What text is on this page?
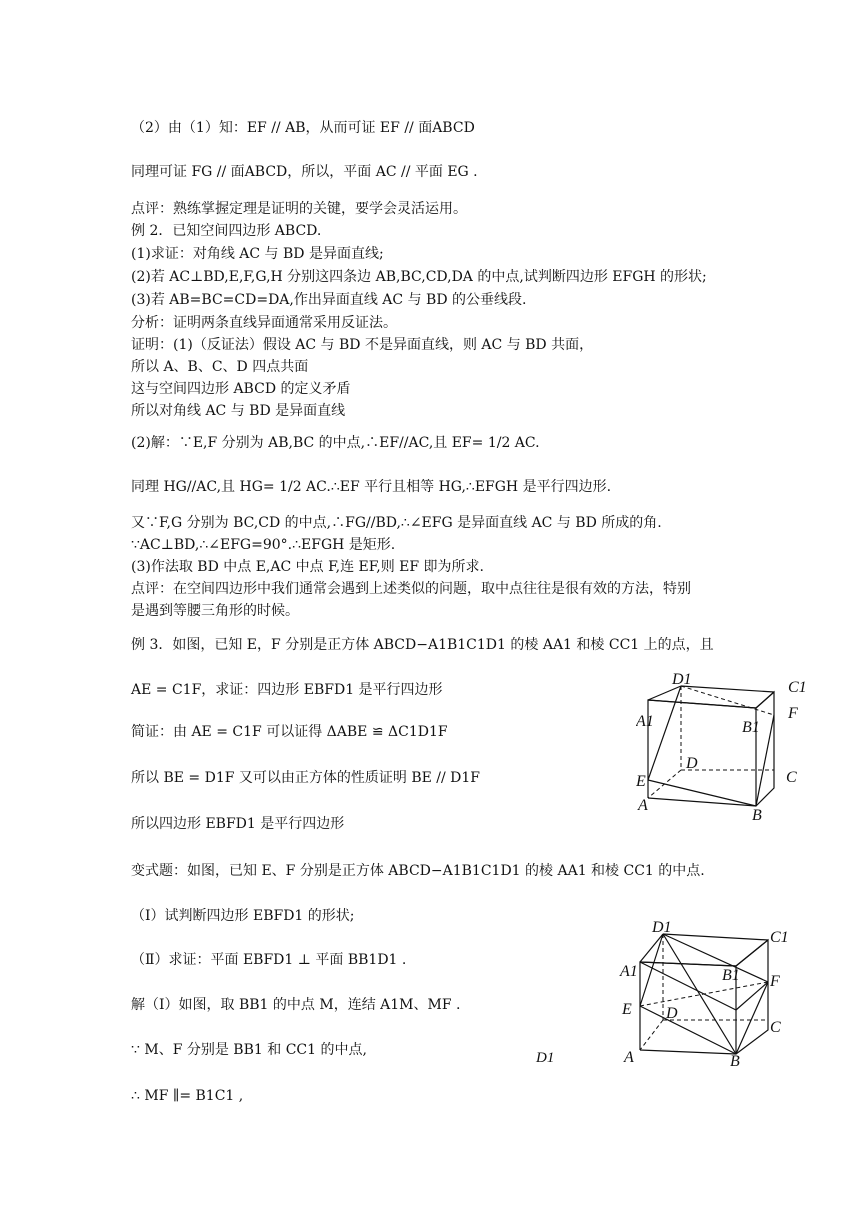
（2）由（1）知：EF // AB，从而可证 EF // 面ABCD
同理可证 FG // 面ABCD，所以，平面 AC // 平面 EG .
点评：熟练掌握定理是证明的关键，要学会灵活运用。
例 2．已知空间四边形 ABCD.
(1)求证：对角线 AC 与 BD 是异面直线;
(2)若 AC⊥BD,E,F,G,H 分别这四条边 AB,BC,CD,DA 的中点,试判断四边形 EFGH 的形状;
(3)若 AB=BC=CD=DA,作出异面直线 AC 与 BD 的公垂线段.
分析：证明两条直线异面通常采用反证法。
证明：(1)（反证法）假设 AC 与 BD 不是异面直线，则 AC 与 BD 共面，
所以 A、B、C、D 四点共面
这与空间四边形 ABCD 的定义矛盾
所以对角线 AC 与 BD 是异面直线
(2)解：∵E,F 分别为 AB,BC 的中点,∴EF//AC,且 EF= 1/2 AC.
同理 HG//AC,且 HG= 1/2 AC.∴EF 平行且相等 HG,∴EFGH 是平行四边形.
又∵F,G 分别为 BC,CD 的中点,∴FG//BD,∴∠EFG 是异面直线 AC 与 BD 所成的角.
∵AC⊥BD,∴∠EFG=90°.∴EFGH 是矩形.
(3)作法取 BD 中点 E,AC 中点 F,连 EF,则 EF 即为所求.
点评：在空间四边形中我们通常会遇到上述类似的问题，取中点往往是很有效的方法，特别
是遇到等腰三角形的时候。
例 3．如图，已知 E，F 分别是正方体 ABCD−A1B1C1D1 的棱 AA1 和棱 CC1 上的点，且
AE = C1F，求证：四边形 EBFD1 是平行四边形
简证：由 AE = C1F 可以证得 ΔABE ≌ ΔC1D1F
所以 BE = D1F 又可以由正方体的性质证明 BE // D1F
所以四边形 EBFD1 是平行四边形
变式题：如图，已知 E、F 分别是正方体 ABCD−A1B1C1D1 的棱 AA1 和棱 CC1 的中点.
（Ⅰ）试判断四边形 EBFD1 的形状;
（Ⅱ）求证：平面 EBFD1 ⊥ 平面 BB1D1 .
解（Ⅰ）如图，取 BB1 的中点 M，连结 A1M、MF .
∵ M、F 分别是 BB1 和 CC1 的中点,
∴ MF ∥= B1C1 ,
D1
D1	C1
F
A1	B1
D
E	C
A
B
D1
C1
A1	B1 F
E D
C
A	B
